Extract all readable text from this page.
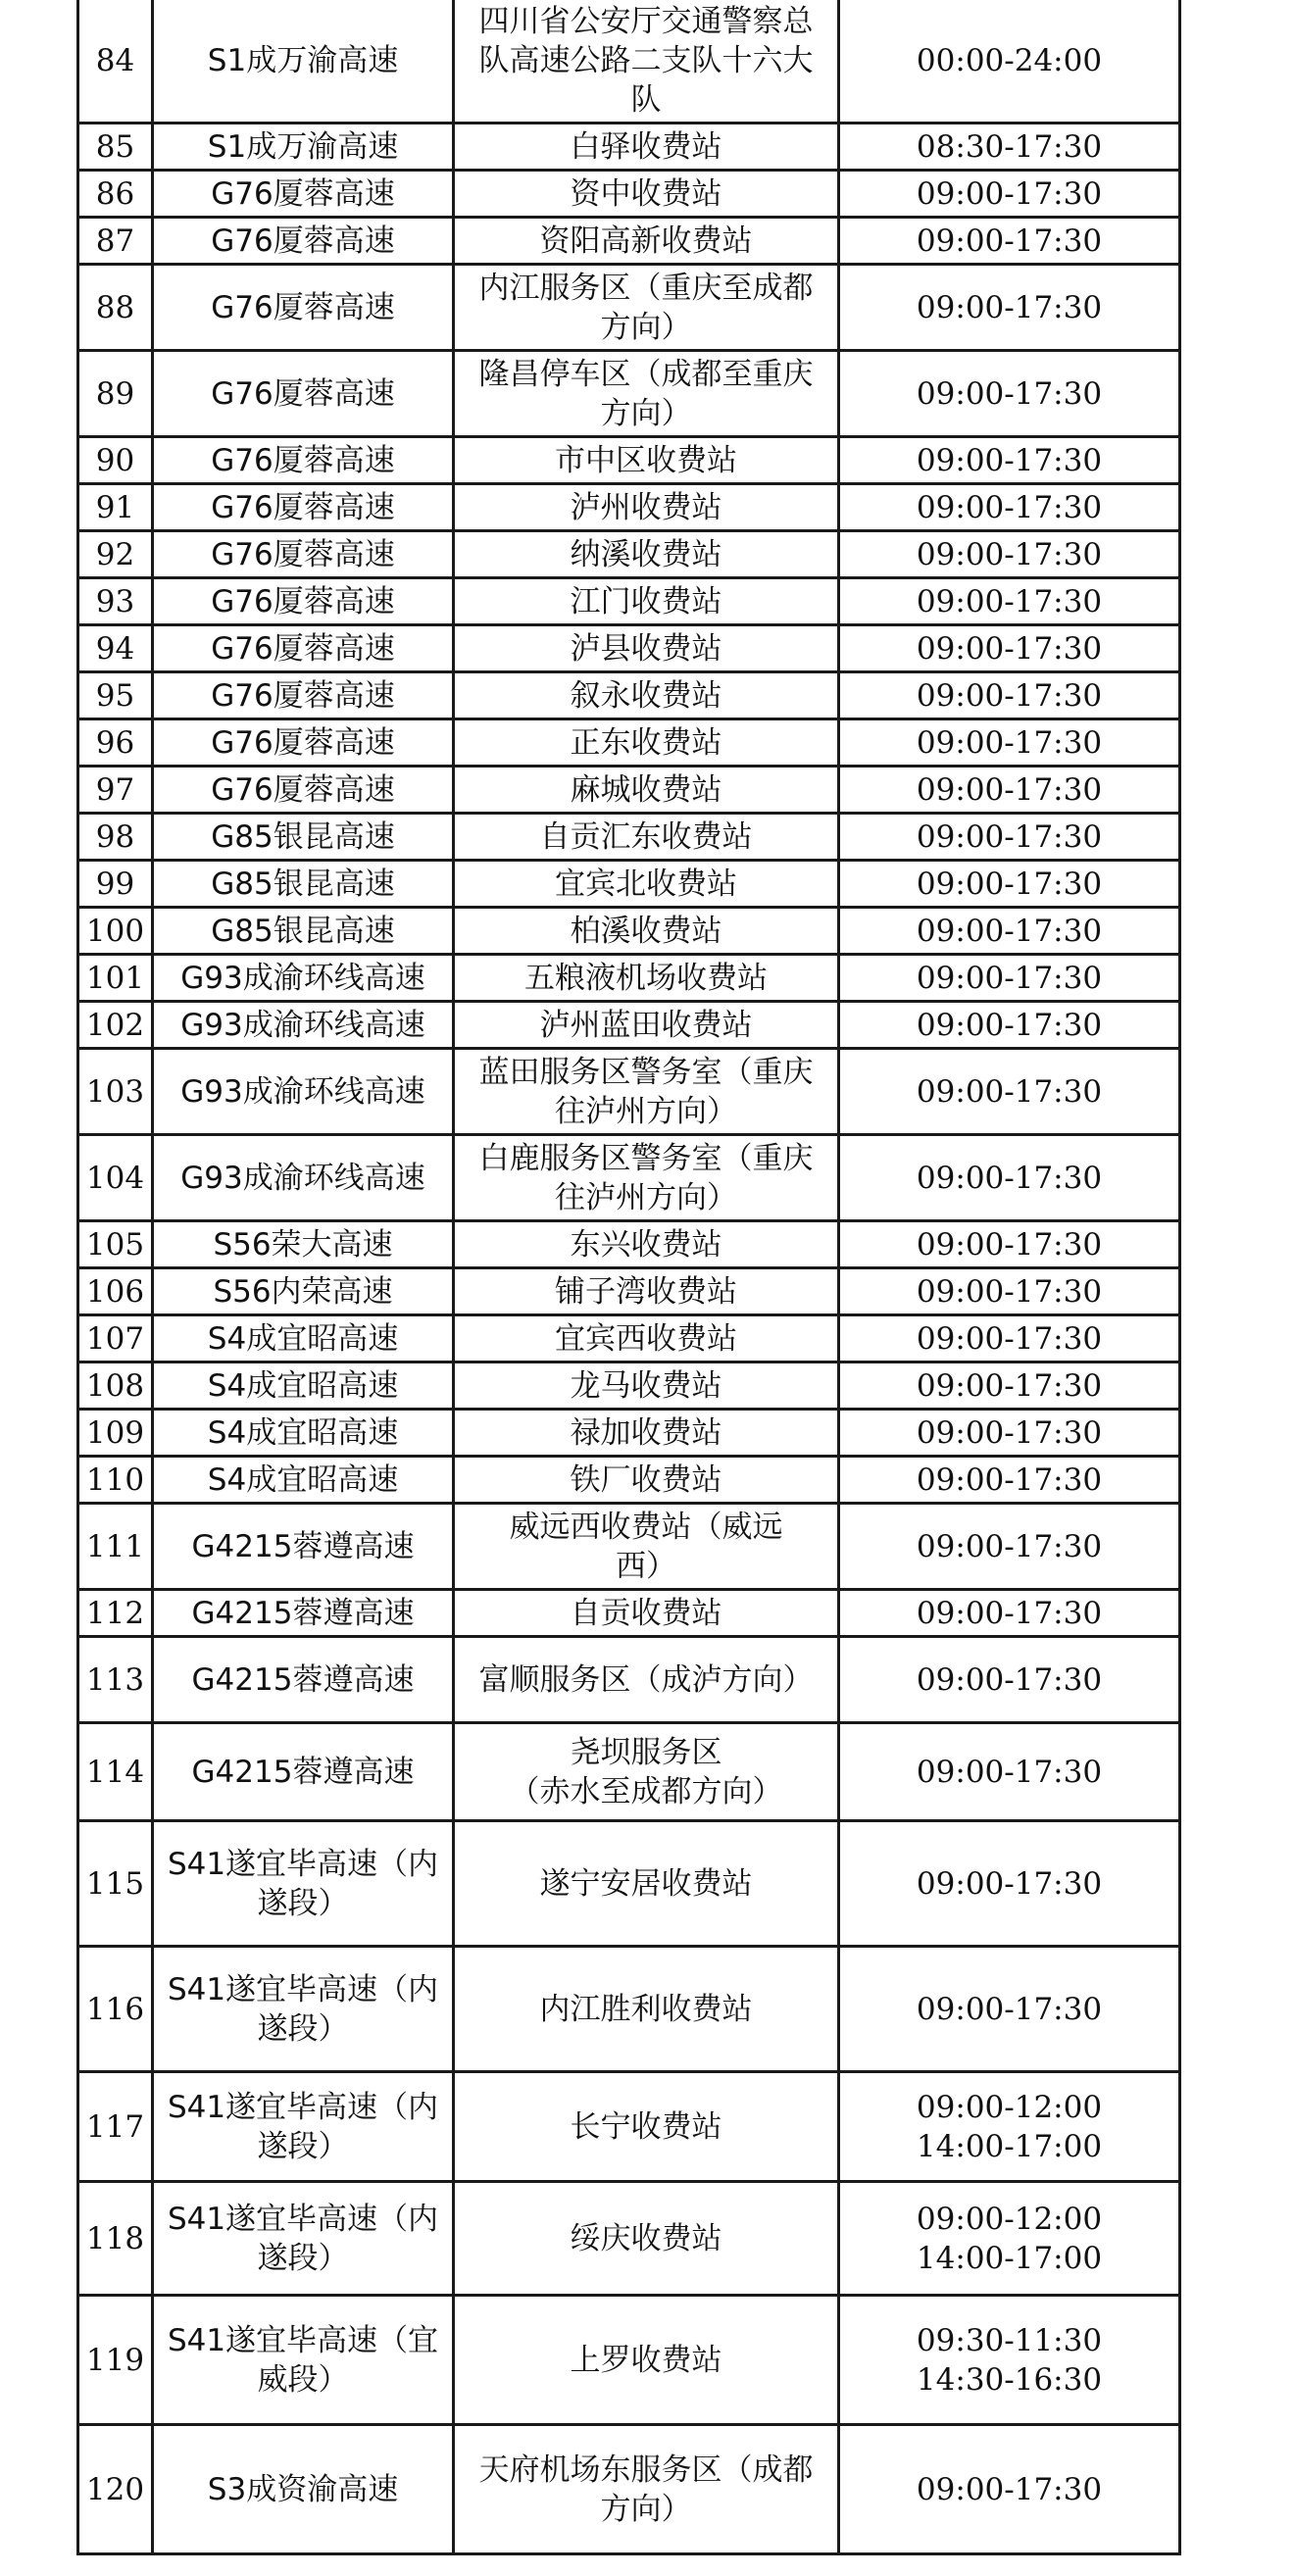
84	S1成万渝高速	四川省公安厅交通警察总
队高速公路二支队十六大
队	00:00-24:00

85	S1成万渝高速	白驿收费站	08:30-17:30

86	G76厦蓉高速	资中收费站	09:00-17:30

87	G76厦蓉高速	资阳高新收费站	09:00-17:30

88	G76厦蓉高速	内江服务区（重庆至成都
方向）	09:00-17:30

89	G76厦蓉高速	隆昌停车区（成都至重庆
方向）	09:00-17:30

90	G76厦蓉高速	市中区收费站	09:00-17:30

91	G76厦蓉高速	泸州收费站	09:00-17:30

92	G76厦蓉高速	纳溪收费站	09:00-17:30

93	G76厦蓉高速	江门收费站	09:00-17:30

94	G76厦蓉高速	泸县收费站	09:00-17:30

95	G76厦蓉高速	叙永收费站	09:00-17:30

96	G76厦蓉高速	正东收费站	09:00-17:30

97	G76厦蓉高速	麻城收费站	09:00-17:30

98	G85银昆高速	自贡汇东收费站	09:00-17:30

99	G85银昆高速	宜宾北收费站	09:00-17:30

100	G85银昆高速	柏溪收费站	09:00-17:30

101	G93成渝环线高速	五粮液机场收费站	09:00-17:30

102	G93成渝环线高速	泸州蓝田收费站	09:00-17:30

103	G93成渝环线高速	蓝田服务区警务室（重庆
往泸州方向）	09:00-17:30

104	G93成渝环线高速	白鹿服务区警务室（重庆
往泸州方向）	09:00-17:30

105	S56荣大高速	东兴收费站	09:00-17:30

106	S56内荣高速	铺子湾收费站	09:00-17:30

107	S4成宜昭高速	宜宾西收费站	09:00-17:30

108	S4成宜昭高速	龙马收费站	09:00-17:30

109	S4成宜昭高速	禄加收费站	09:00-17:30

110	S4成宜昭高速	铁厂收费站	09:00-17:30

111	G4215蓉遵高速	威远西收费站（威远
西）	09:00-17:30

112	G4215蓉遵高速	自贡收费站	09:00-17:30

113	G4215蓉遵高速	富顺服务区（成泸方向）	09:00-17:30

114	G4215蓉遵高速	尧坝服务区
（赤水至成都方向）	09:00-17:30

115	S41遂宜毕高速（内
遂段）	遂宁安居收费站	09:00-17:30

116	S41遂宜毕高速（内
遂段）	内江胜利收费站	09:00-17:30

117	S41遂宜毕高速（内
遂段）	长宁收费站	09:00-12:00
14:00-17:00

118	S41遂宜毕高速（内
遂段）	绥庆收费站	09:00-12:00
14:00-17:00

119	S41遂宜毕高速（宜
威段）	上罗收费站	09:30-11:30
14:30-16:30

120	S3成资渝高速	天府机场东服务区（成都
方向）	09:00-17:30
